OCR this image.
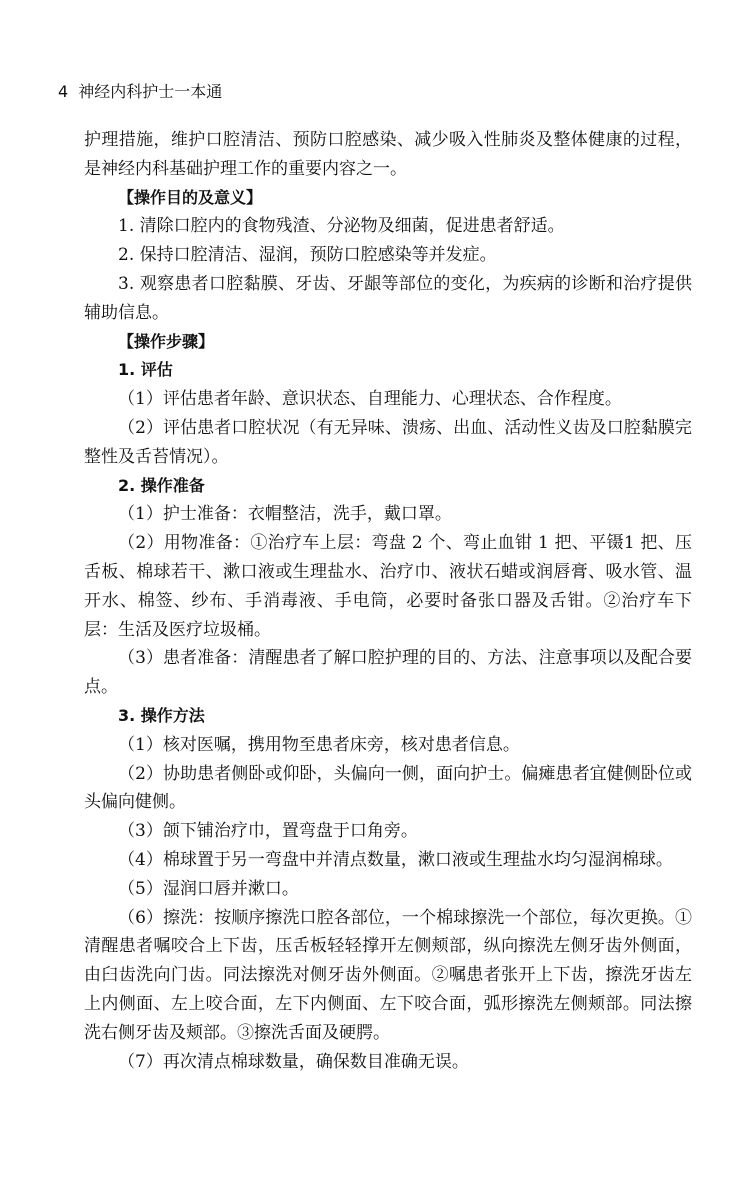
4 神经内科护士一本通

护理措施，维护口腔清洁、预防口腔感染、减少吸入性肺炎及整体健康的过程，是神经内科基础护理工作的重要内容之一。

【操作目的及意义】

1. 清除口腔内的食物残渣、分泌物及细菌，促进患者舒适。

2. 保持口腔清洁、湿润，预防口腔感染等并发症。

3. 观察患者口腔黏膜、牙齿、牙龈等部位的变化，为疾病的诊断和治疗提供辅助信息。

【操作步骤】

1. 评估

（1）评估患者年龄、意识状态、自理能力、心理状态、合作程度。

（2）评估患者口腔状况（有无异味、溃疡、出血、活动性义齿及口腔黏膜完整性及舌苔情况）。

2. 操作准备

（1）护士准备：衣帽整洁，洗手，戴口罩。

（2）用物准备：①治疗车上层：弯盘 2 个、弯止血钳 1 把、平镊1 把、压舌板、棉球若干、漱口液或生理盐水、治疗巾、液状石蜡或润唇膏、吸水管、温开水、棉签、纱布、手消毒液、手电筒，必要时备张口器及舌钳。②治疗车下层：生活及医疗垃圾桶。

（3）患者准备：清醒患者了解口腔护理的目的、方法、注意事项以及配合要点。

3. 操作方法

（1）核对医嘱，携用物至患者床旁，核对患者信息。

（2）协助患者侧卧或仰卧，头偏向一侧，面向护士。偏瘫患者宜健侧卧位或头偏向健侧。

（3）颌下铺治疗巾，置弯盘于口角旁。

（4）棉球置于另一弯盘中并清点数量，漱口液或生理盐水均匀湿润棉球。

（5）湿润口唇并漱口。

（6）擦洗：按顺序擦洗口腔各部位，一个棉球擦洗一个部位，每次更换。①清醒患者嘱咬合上下齿，压舌板轻轻撑开左侧颊部，纵向擦洗左侧牙齿外侧面，由臼齿洗向门齿。同法擦洗对侧牙齿外侧面。②嘱患者张开上下齿，擦洗牙齿左上内侧面、左上咬合面，左下内侧面、左下咬合面，弧形擦洗左侧颊部。同法擦洗右侧牙齿及颊部。③擦洗舌面及硬腭。

（7）再次清点棉球数量，确保数目准确无误。
